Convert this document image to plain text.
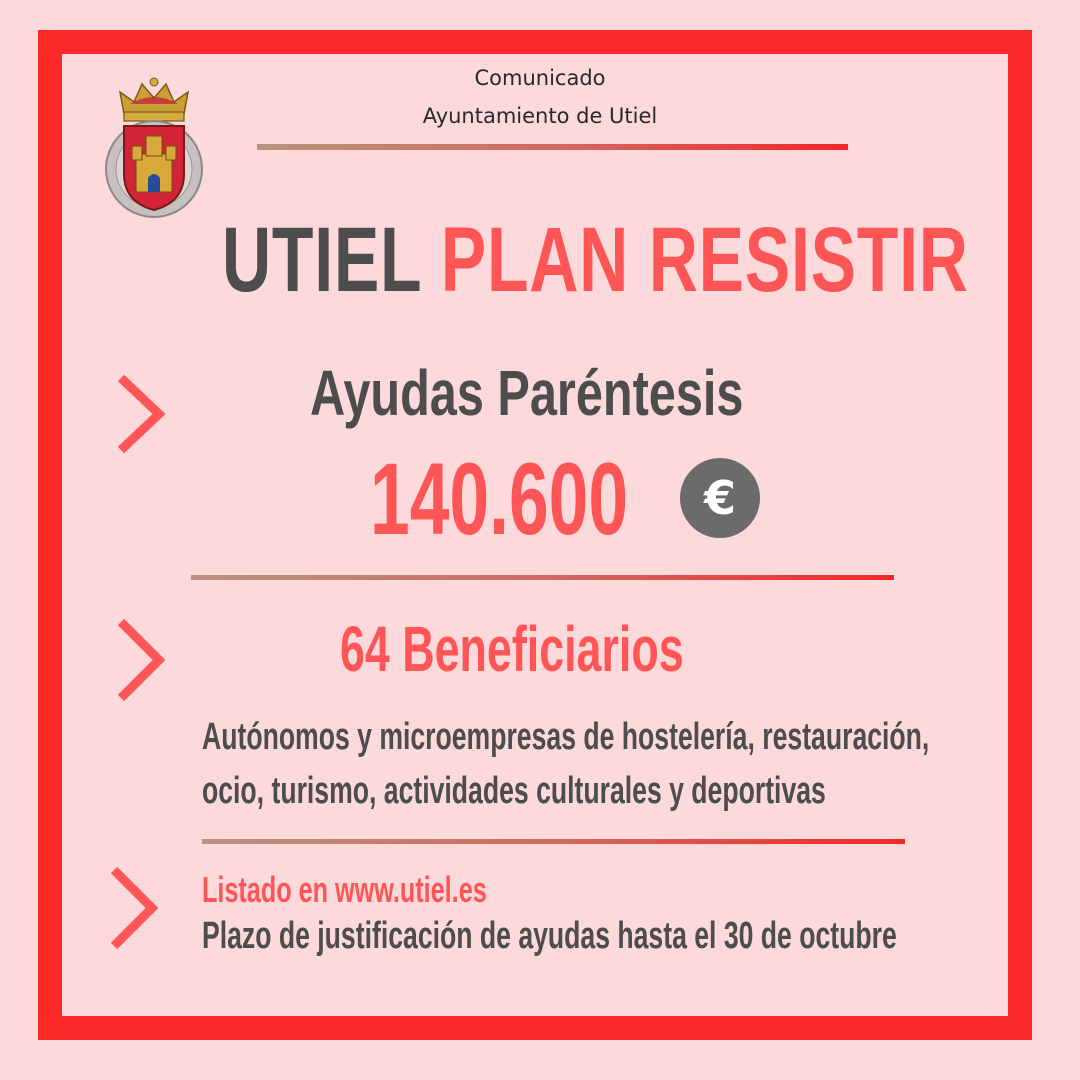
Comunicado
Ayuntamiento de Utiel
UTIEL PLAN RESISTIR
Ayudas Paréntesis
140.600	€
64 Beneficiarios
Autónomos y microempresas de hostelería, restauración,
ocio, turismo, actividades culturales y deportivas
Listado en www.utiel.es
Plazo de justificación de ayudas hasta el 30 de octubre
